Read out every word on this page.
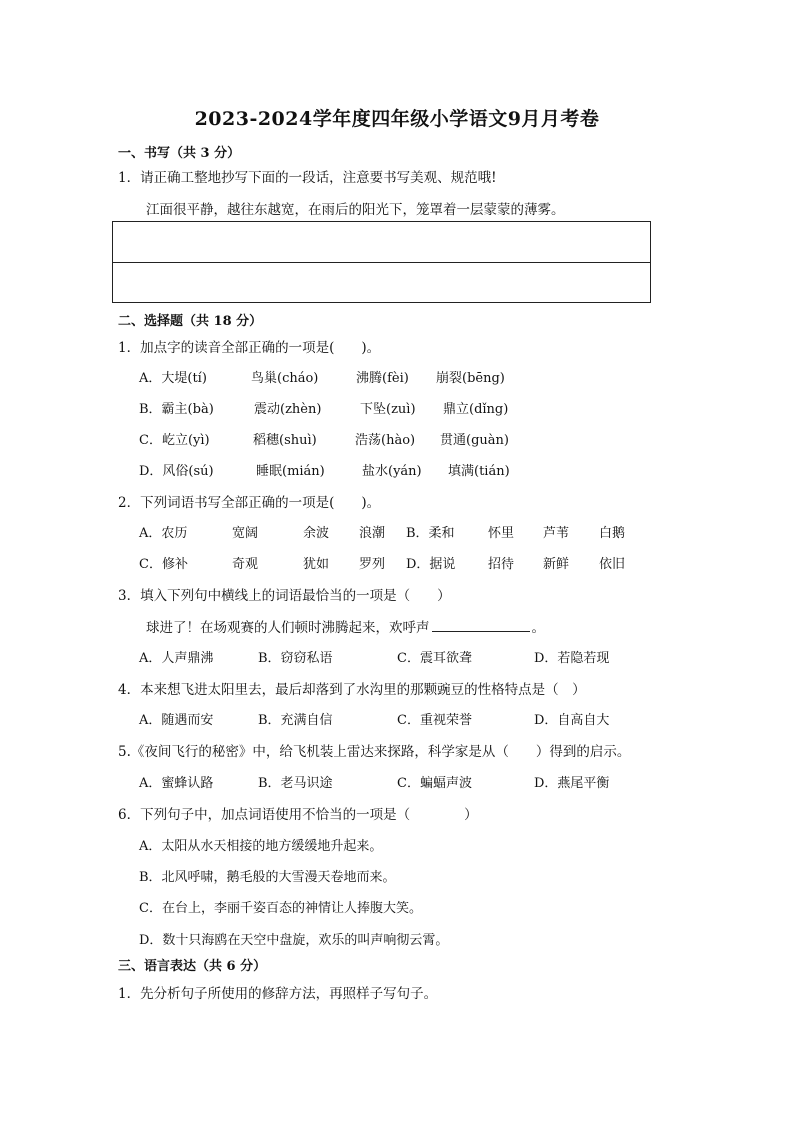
2023-2024学年度四年级小学语文9月月考卷
一、书写（共 3 分）
1．请正确工整地抄写下面的一段话，注意要书写美观、规范哦!
江面很平静，越往东越宽，在雨后的阳光下，笼罩着一层蒙蒙的薄雾。
二、选择题（共 18 分）
1．加点字的读音全部正确的一项是(　　)。
A．大堤(tí)	鸟巢(cháo)	沸腾(fèi) 崩裂(bēng)
B．霸主(bà)	震动(zhèn)	下坠(zuì) 鼎立(dǐng)
C．屹立(yì)	稻穗(shuì)	浩荡(hào) 贯通(guàn)
D．风俗(sú)	睡眠(mián)	盐水(yán) 填满(tián)
2．下列词语书写全部正确的一项是(　　)。
A．农历	宽阔	余波 浪潮 B．柔和	怀里 芦苇 白鹅
C．修补	奇观	犹如 罗列 D．据说	招待 新鲜 依旧
3．填入下列句中横线上的词语最恰当的一项是（　　）
球进了！在场观赛的人们顿时沸腾起来，欢呼声	。
A．人声鼎沸	B．窃窃私语	C．震耳欲聋	D．若隐若现
4．本来想飞进太阳里去，最后却落到了水沟里的那颗豌豆的性格特点是（　）
A．随遇而安	B．充满自信	C．重视荣誉	D．自高自大
5.《夜间飞行的秘密》中，给飞机装上雷达来探路，科学家是从（　　）得到的启示。
A．蜜蜂认路	B．老马识途	C．蝙蝠声波	D．燕尾平衡
6．下列句子中，加点词语使用不恰当的一项是（　　　　）
A．太阳从水天相接的地方缓缓地升起来。
B．北风呼啸，鹅毛般的大雪漫天卷地而来。
C．在台上，李丽千姿百态的神情让人捧腹大笑。
D．数十只海鸥在天空中盘旋，欢乐的叫声响彻云霄。
三、语言表达（共 6 分）
1．先分析句子所使用的修辞方法，再照样子写句子。
